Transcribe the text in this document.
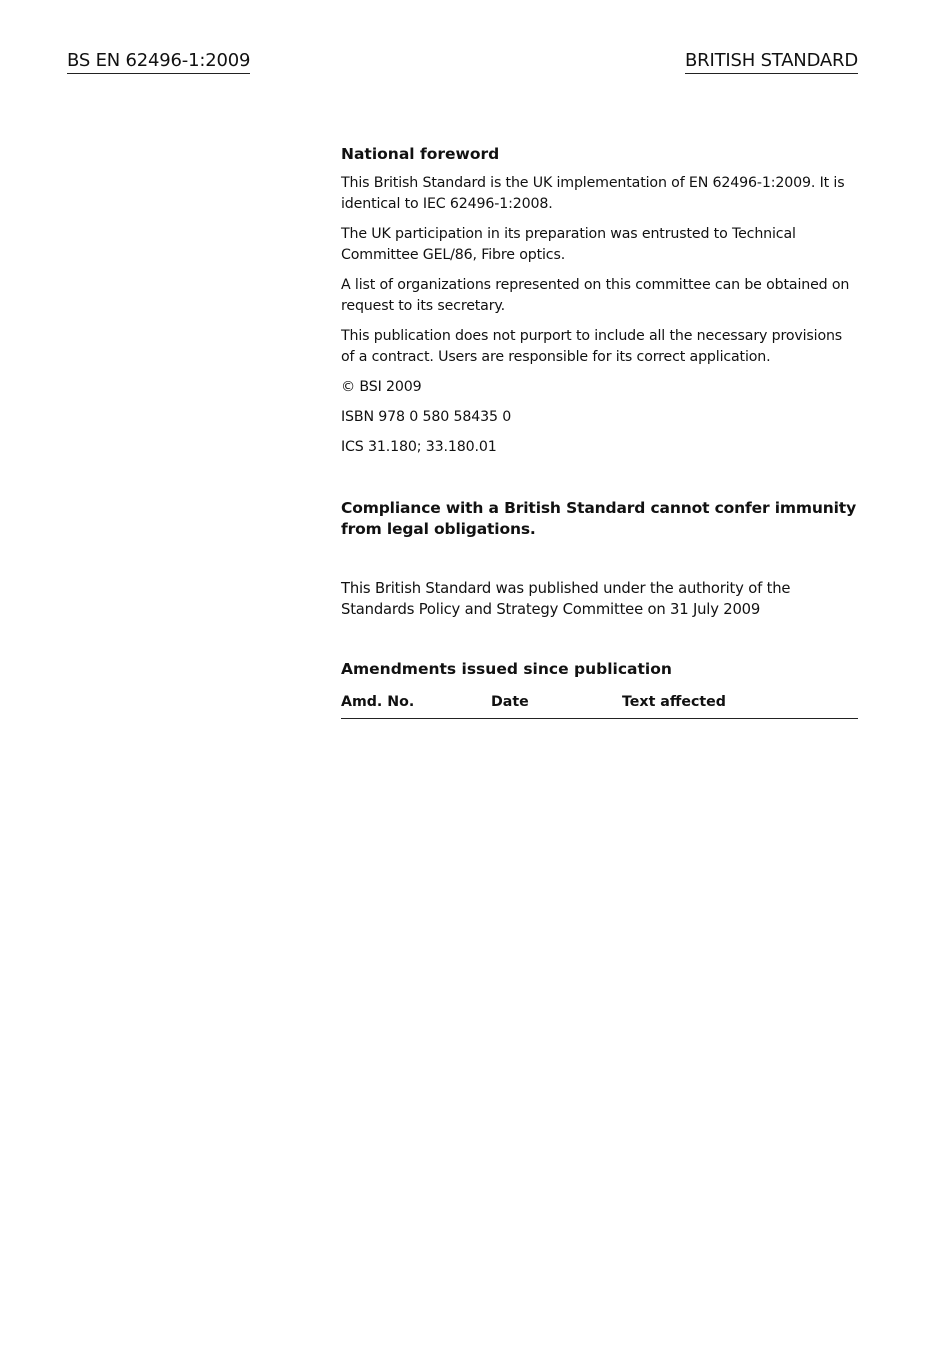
BS EN 62496-1:2009	BRITISH STANDARD
National foreword

This British Standard is the UK implementation of EN 62496-1:2009. It is identical to IEC 62496-1:2008.

The UK participation in its preparation was entrusted to Technical Committee GEL/86, Fibre optics.

A list of organizations represented on this committee can be obtained on request to its secretary.

This publication does not purport to include all the necessary provisions of a contract. Users are responsible for its correct application.

© BSI 2009

ISBN 978 0 580 58435 0

ICS 31.180; 33.180.01

Compliance with a British Standard cannot confer immunity from legal obligations.

This British Standard was published under the authority of the Standards Policy and Strategy Committee on 31 July 2009

Amendments issued since publication
Amd. No.	Date	Text affected
